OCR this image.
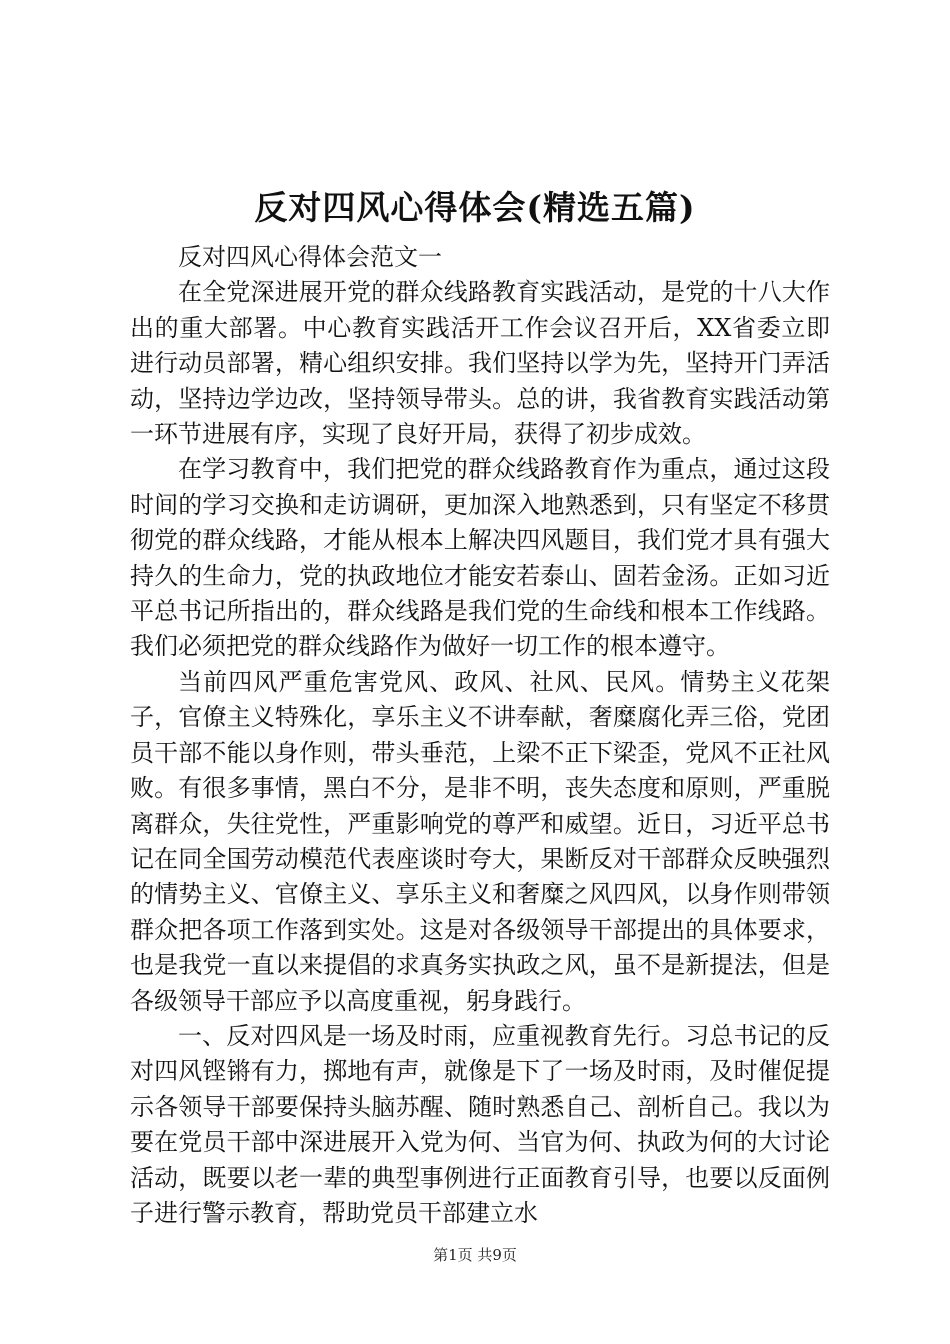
反对四风心得体会(精选五篇)

反对四风心得体会范文一

在全党深进展开党的群众线路教育实践活动，是党的十八大作出的重大部署。中心教育实践活开工作会议召开后，XX省委立即进行动员部署，精心组织安排。我们坚持以学为先，坚持开门弄活动，坚持边学边改，坚持领导带头。总的讲，我省教育实践活动第一环节进展有序，实现了良好开局，获得了初步成效。

在学习教育中，我们把党的群众线路教育作为重点，通过这段时间的学习交换和走访调研，更加深入地熟悉到，只有坚定不移贯彻党的群众线路，才能从根本上解决四风题目，我们党才具有强大持久的生命力，党的执政地位才能安若泰山、固若金汤。正如习近平总书记所指出的，群众线路是我们党的生命线和根本工作线路。我们必须把党的群众线路作为做好一切工作的根本遵守。

当前四风严重危害党风、政风、社风、民风。情势主义花架子，官僚主义特殊化，享乐主义不讲奉献，奢糜腐化弄三俗，党团员干部不能以身作则，带头垂范，上梁不正下梁歪，党风不正社风败。有很多事情，黑白不分，是非不明，丧失态度和原则，严重脱离群众，失往党性，严重影响党的尊严和威望。近日，习近平总书记在同全国劳动模范代表座谈时夸大，果断反对干部群众反映强烈的情势主义、官僚主义、享乐主义和奢糜之风四风，以身作则带领群众把各项工作落到实处。这是对各级领导干部提出的具体要求，也是我党一直以来提倡的求真务实执政之风，虽不是新提法，但是各级领导干部应予以高度重视，躬身践行。

一、反对四风是一场及时雨，应重视教育先行。习总书记的反对四风铿锵有力，掷地有声，就像是下了一场及时雨，及时催促提示各领导干部要保持头脑苏醒、随时熟悉自己、剖析自己。我以为要在党员干部中深进展开入党为何、当官为何、执政为何的大讨论活动，既要以老一辈的典型事例进行正面教育引导，也要以反面例子进行警示教育，帮助党员干部建立水

第1页 共9页
